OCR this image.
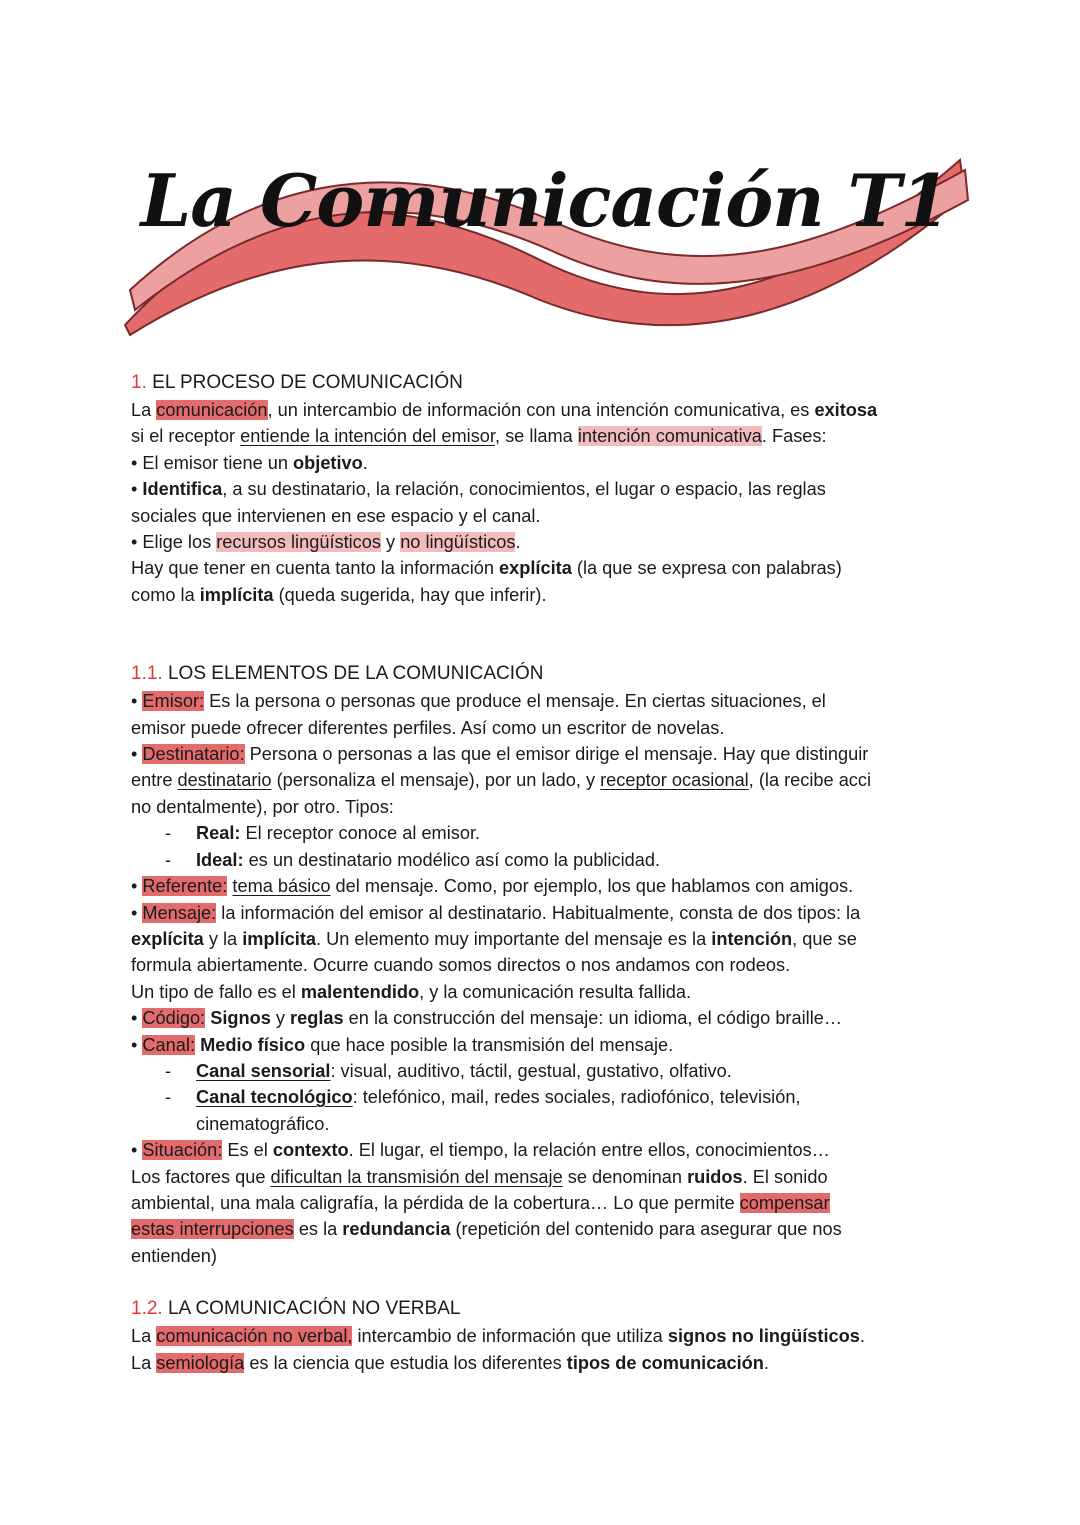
La Comunicación T1
1. EL PROCESO DE COMUNICACIÓN

La comunicación, un intercambio de información con una intención comunicativa, es exitosa

si el receptor entiende la intención del emisor, se llama intención comunicativa. Fases:

• El emisor tiene un objetivo.

• Identifica, a su destinatario, la relación, conocimientos, el lugar o espacio, las reglas

sociales que intervienen en ese espacio y el canal.

• Elige los recursos lingüísticos y no lingüísticos.

Hay que tener en cuenta tanto la información explícita (la que se expresa con palabras)

como la implícita (queda sugerida, hay que inferir).

1.1. LOS ELEMENTOS DE LA COMUNICACIÓN

• Emisor: Es la persona o personas que produce el mensaje. En ciertas situaciones, el

emisor puede ofrecer diferentes perfiles. Así como un escritor de novelas.

• Destinatario: Persona o personas a las que el emisor dirige el mensaje. Hay que distinguir

entre destinatario (personaliza el mensaje), por un lado, y receptor ocasional, (la recibe acci

no dentalmente), por otro. Tipos:

- Real: El receptor conoce al emisor.

- Ideal: es un destinatario modélico así como la publicidad.

• Referente: tema básico del mensaje. Como, por ejemplo, los que hablamos con amigos.

• Mensaje: la información del emisor al destinatario. Habitualmente, consta de dos tipos: la

explícita y la implícita. Un elemento muy importante del mensaje es la intención, que se

formula abiertamente. Ocurre cuando somos directos o nos andamos con rodeos.

Un tipo de fallo es el malentendido, y la comunicación resulta fallida.

• Código: Signos y reglas en la construcción del mensaje: un idioma, el código braille…

• Canal: Medio físico que hace posible la transmisión del mensaje.

- Canal sensorial: visual, auditivo, táctil, gestual, gustativo, olfativo.

- Canal tecnológico: telefónico, mail, redes sociales, radiofónico, televisión,

cinematográfico.

• Situación: Es el contexto. El lugar, el tiempo, la relación entre ellos, conocimientos…

Los factores que dificultan la transmisión del mensaje se denominan ruidos. El sonido

ambiental, una mala caligrafía, la pérdida de la cobertura… Lo que permite compensar

estas interrupciones es la redundancia (repetición del contenido para asegurar que nos

entienden)

1.2. LA COMUNICACIÓN NO VERBAL

La comunicación no verbal, intercambio de información que utiliza signos no lingüísticos.

La semiología es la ciencia que estudia los diferentes tipos de comunicación.
